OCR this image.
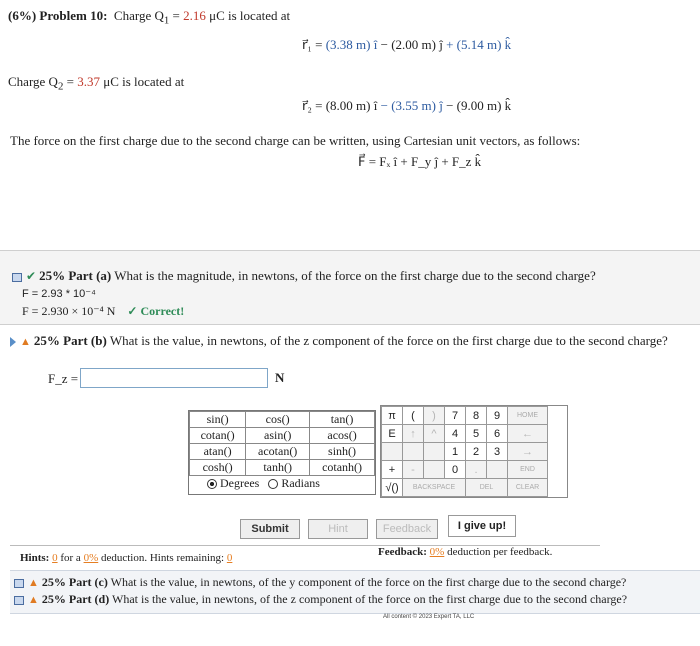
(6%) Problem 10: Charge $Q_1 = 2.16$ μC is located at
r⃗₁ = (3.38 m) î − (2.00 m) ĵ + (5.14 m) k̂
Charge $Q_2 = 3.37$ μC is located at
r⃗₂ = (8.00 m) î − (3.55 m) ĵ − (9.00 m) k̂
The force on the first charge due to the second charge can be written, using Cartesian unit vectors, as follows:
F⃗ = Fₓ î + F_y ĵ + F_z k̂
✔ 25% Part (a) What is the magnitude, in newtons, of the force on the first charge due to the second charge?
F = 2.93 * 10⁻⁴
F = 2.930 × 10⁻⁴ N ✓ Correct!
▲ 25% Part (b) What is the value, in newtons, of the z component of the force on the first charge due to the second charge?
F_z =	N
sin()	cos()	tan()
cotan()	asin()	acos()
atan()	acotan()	sinh()
cosh()	tanh()	cotanh()
Degrees Radians
π	(	)	7	8	9	HOME
E	↑	^	4	5	6	←
			1	2	3	→
+	-		0	.		END
√()	BACKSPACE			DEL		CLEAR
Submit	Hint	Feedback	I give up!
Hints: 0 for a 0% deduction. Hints remaining: 0	Feedback: 0% deduction per feedback.
▲ 25% Part (c) What is the value, in newtons, of the y component of the force on the first charge due to the second charge?
▲ 25% Part (d) What is the value, in newtons, of the z component of the force on the first charge due to the second charge?
All content © 2023 Expert TA, LLC
